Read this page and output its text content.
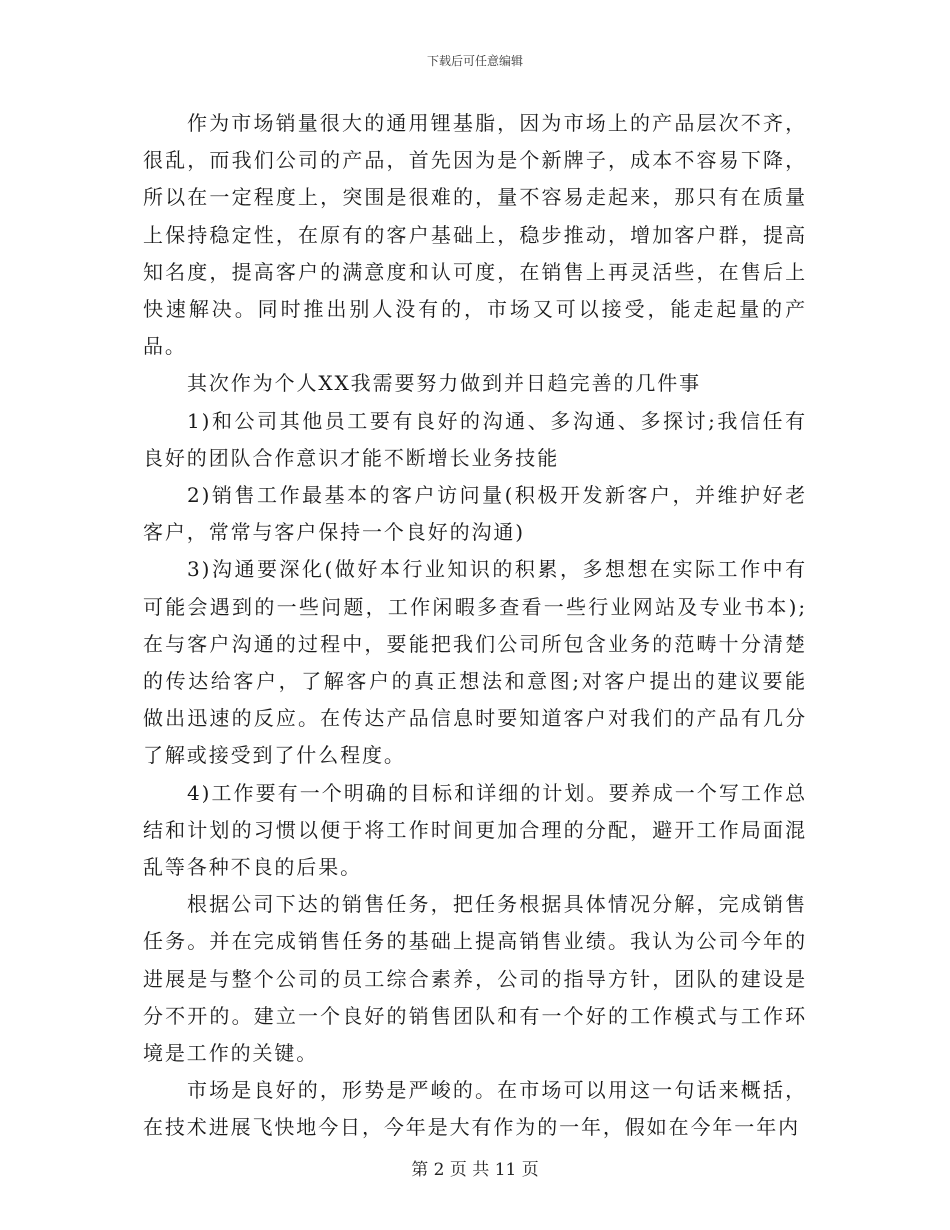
下载后可任意编辑

作为市场销量很大的通用锂基脂，因为市场上的产品层次不齐，很乱，而我们公司的产品，首先因为是个新牌子，成本不容易下降，所以在一定程度上，突围是很难的，量不容易走起来，那只有在质量上保持稳定性，在原有的客户基础上，稳步推动，增加客户群，提高知名度，提高客户的满意度和认可度，在销售上再灵活些，在售后上快速解决。同时推出别人没有的，市场又可以接受，能走起量的产品。

其次作为个人XX我需要努力做到并日趋完善的几件事

1)和公司其他员工要有良好的沟通、多沟通、多探讨;我信任有良好的团队合作意识才能不断增长业务技能

2)销售工作最基本的客户访问量(积极开发新客户，并维护好老客户，常常与客户保持一个良好的沟通)

3)沟通要深化(做好本行业知识的积累，多想想在实际工作中有可能会遇到的一些问题，工作闲暇多查看一些行业网站及专业书本);在与客户沟通的过程中，要能把我们公司所包含业务的范畴十分清楚的传达给客户，了解客户的真正想法和意图;对客户提出的建议要能做出迅速的反应。在传达产品信息时要知道客户对我们的产品有几分了解或接受到了什么程度。

4)工作要有一个明确的目标和详细的计划。要养成一个写工作总结和计划的习惯以便于将工作时间更加合理的分配，避开工作局面混乱等各种不良的后果。

根据公司下达的销售任务，把任务根据具体情况分解，完成销售任务。并在完成销售任务的基础上提高销售业绩。我认为公司今年的进展是与整个公司的员工综合素养，公司的指导方针，团队的建设是分不开的。建立一个良好的销售团队和有一个好的工作模式与工作环境是工作的关键。

市场是良好的，形势是严峻的。在市场可以用这一句话来概括，在技术进展飞快地今日，今年是大有作为的一年，假如在今年一年内

第 2 页 共 11 页
